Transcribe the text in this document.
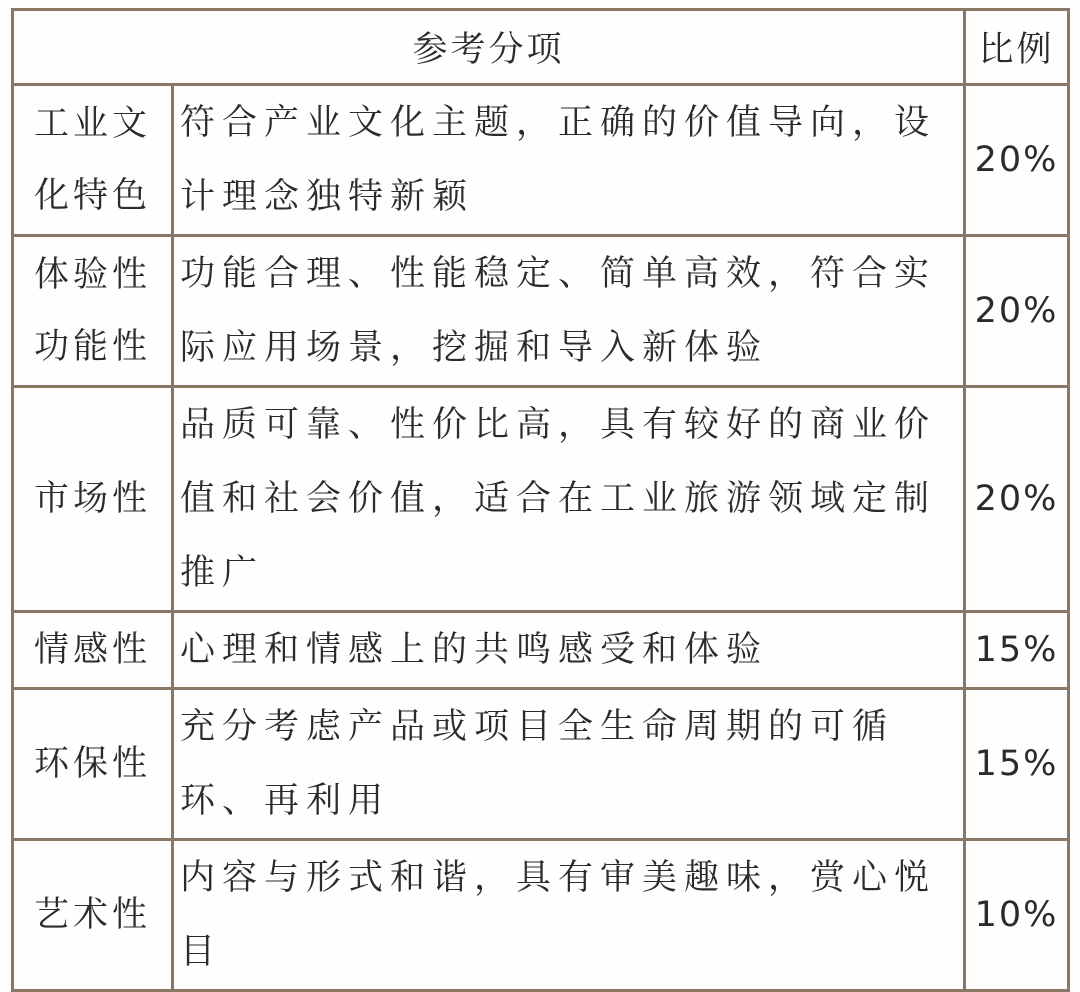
参考分项		比例
工业文化特色	符合产业文化主题，正确的价值导向，设计理念独特新颖	20%
体验性功能性	功能合理、性能稳定、简单高效，符合实际应用场景，挖掘和导入新体验	20%
市场性	品质可靠、性价比高，具有较好的商业价值和社会价值，适合在工业旅游领域定制推广	20%
情感性	心理和情感上的共鸣感受和体验	15%
环保性	充分考虑产品或项目全生命周期的可循环、再利用	15%
艺术性	内容与形式和谐，具有审美趣味，赏心悦目	10%
